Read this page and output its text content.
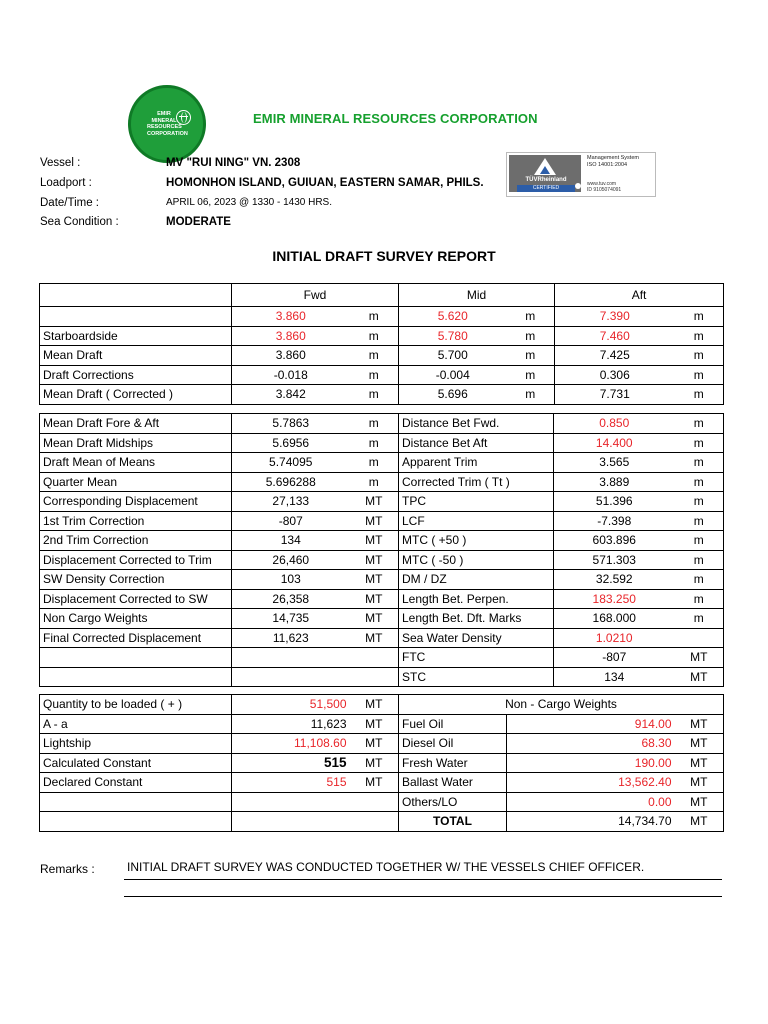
EMIR MINERAL RESOURCES CORPORATION
EMIR MINERAL RESOURCES CORPORATION
Vessel :	MV "RUI NING" VN. 2308
Loadport :	HOMONHON ISLAND, GUIUAN, EASTERN SAMAR, PHILS.
Date/Time :	APRIL 06, 2023 @ 1330 - 1430 HRS.
Sea Condition :	MODERATE
TÜVRheinland
CERTIFIED
Management System
ISO 14001:2004
www.tuv.com
ID 9105074091
INITIAL DRAFT SURVEY REPORT
	Fwd		Mid		Aft	
	3.860	m	5.620	m	7.390	m
Starboardside	3.860	m	5.780	m	7.460	m
Mean Draft	3.860	m	5.700	m	7.425	m
Draft Corrections	-0.018	m	-0.004	m	0.306	m
Mean Draft ( Corrected )	3.842	m	5.696	m	7.731	m
Mean Draft Fore & Aft	5.7863	m	Distance Bet Fwd.	0.850	m
Mean Draft Midships	5.6956	m	Distance Bet Aft	14.400	m
Draft Mean of Means	5.74095	m	Apparent Trim	3.565	m
Quarter Mean	5.696288	m	Corrected Trim ( Tt )	3.889	m
Corresponding Displacement	27,133	MT	TPC	51.396	m
1st Trim Correction	-807	MT	LCF	-7.398	m
2nd Trim Correction	134	MT	MTC ( +50 )	603.896	m
Displacement Corrected to Trim	26,460	MT	MTC ( -50 )	571.303	m
SW Density Correction	103	MT	DM / DZ	32.592	m
Displacement Corrected to SW	26,358	MT	Length Bet. Perpen.	183.250	m
Non Cargo Weights	14,735	MT	Length Bet. Dft. Marks	168.000	m
Final Corrected Displacement	11,623	MT	Sea Water Density	1.0210	
			FTC	-807	MT
			STC	134	MT
Quantity to be loaded ( + )	51,500	MT	Non - Cargo Weights		
A - a	11,623	MT	Fuel Oil	914.00	MT
Lightship	11,108.60	MT	Diesel Oil	68.30	MT
Calculated Constant	515	MT	Fresh Water	190.00	MT
Declared Constant	515	MT	Ballast Water	13,562.40	MT
			Others/LO	0.00	MT
			TOTAL	14,734.70	MT
Remarks :	INITIAL DRAFT SURVEY WAS CONDUCTED TOGETHER W/ THE VESSELS CHIEF OFFICER.
